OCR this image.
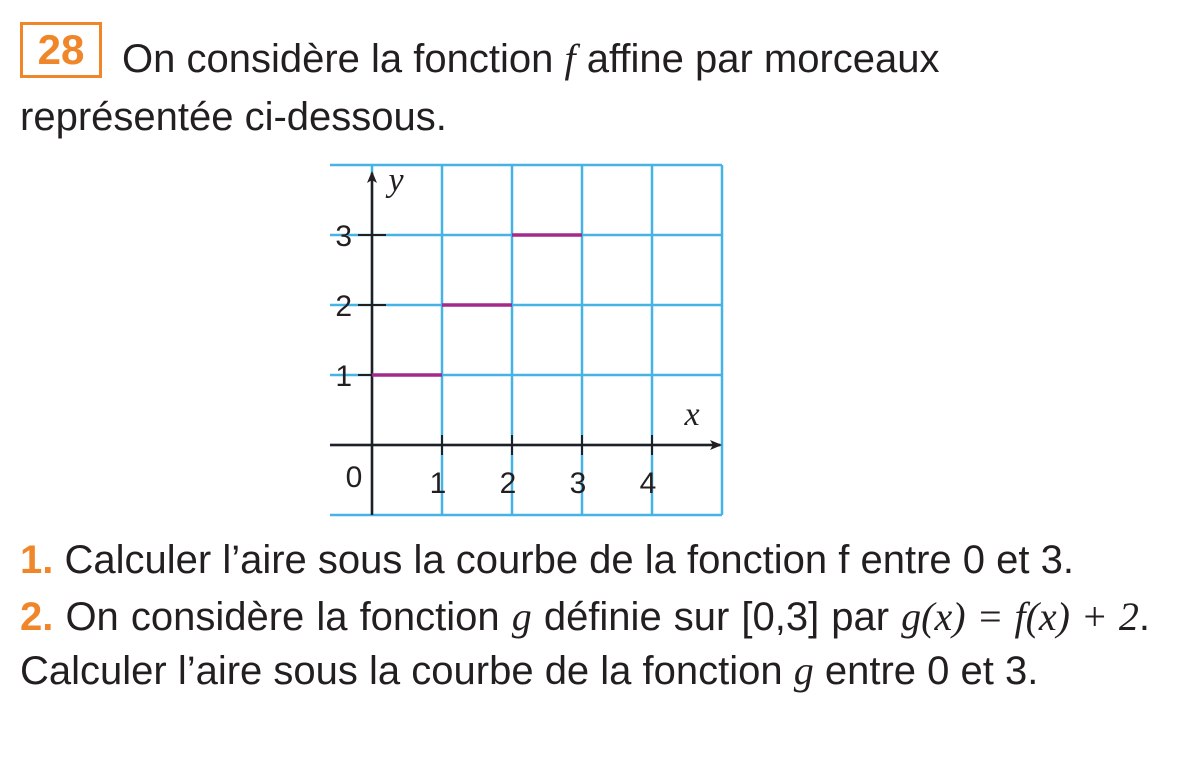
28 On considère la fonction f affine par morceaux représentée ci-dessous.
1 2 3 4
1
2
3
0
x
y
1. Calculer l’aire sous la courbe de la fonction f entre 0 et 3.
2. On considère la fonction g définie sur [0,3] par g(x) = f(x) + 2. Calculer l’aire sous la courbe de la fonction g entre 0 et 3.
